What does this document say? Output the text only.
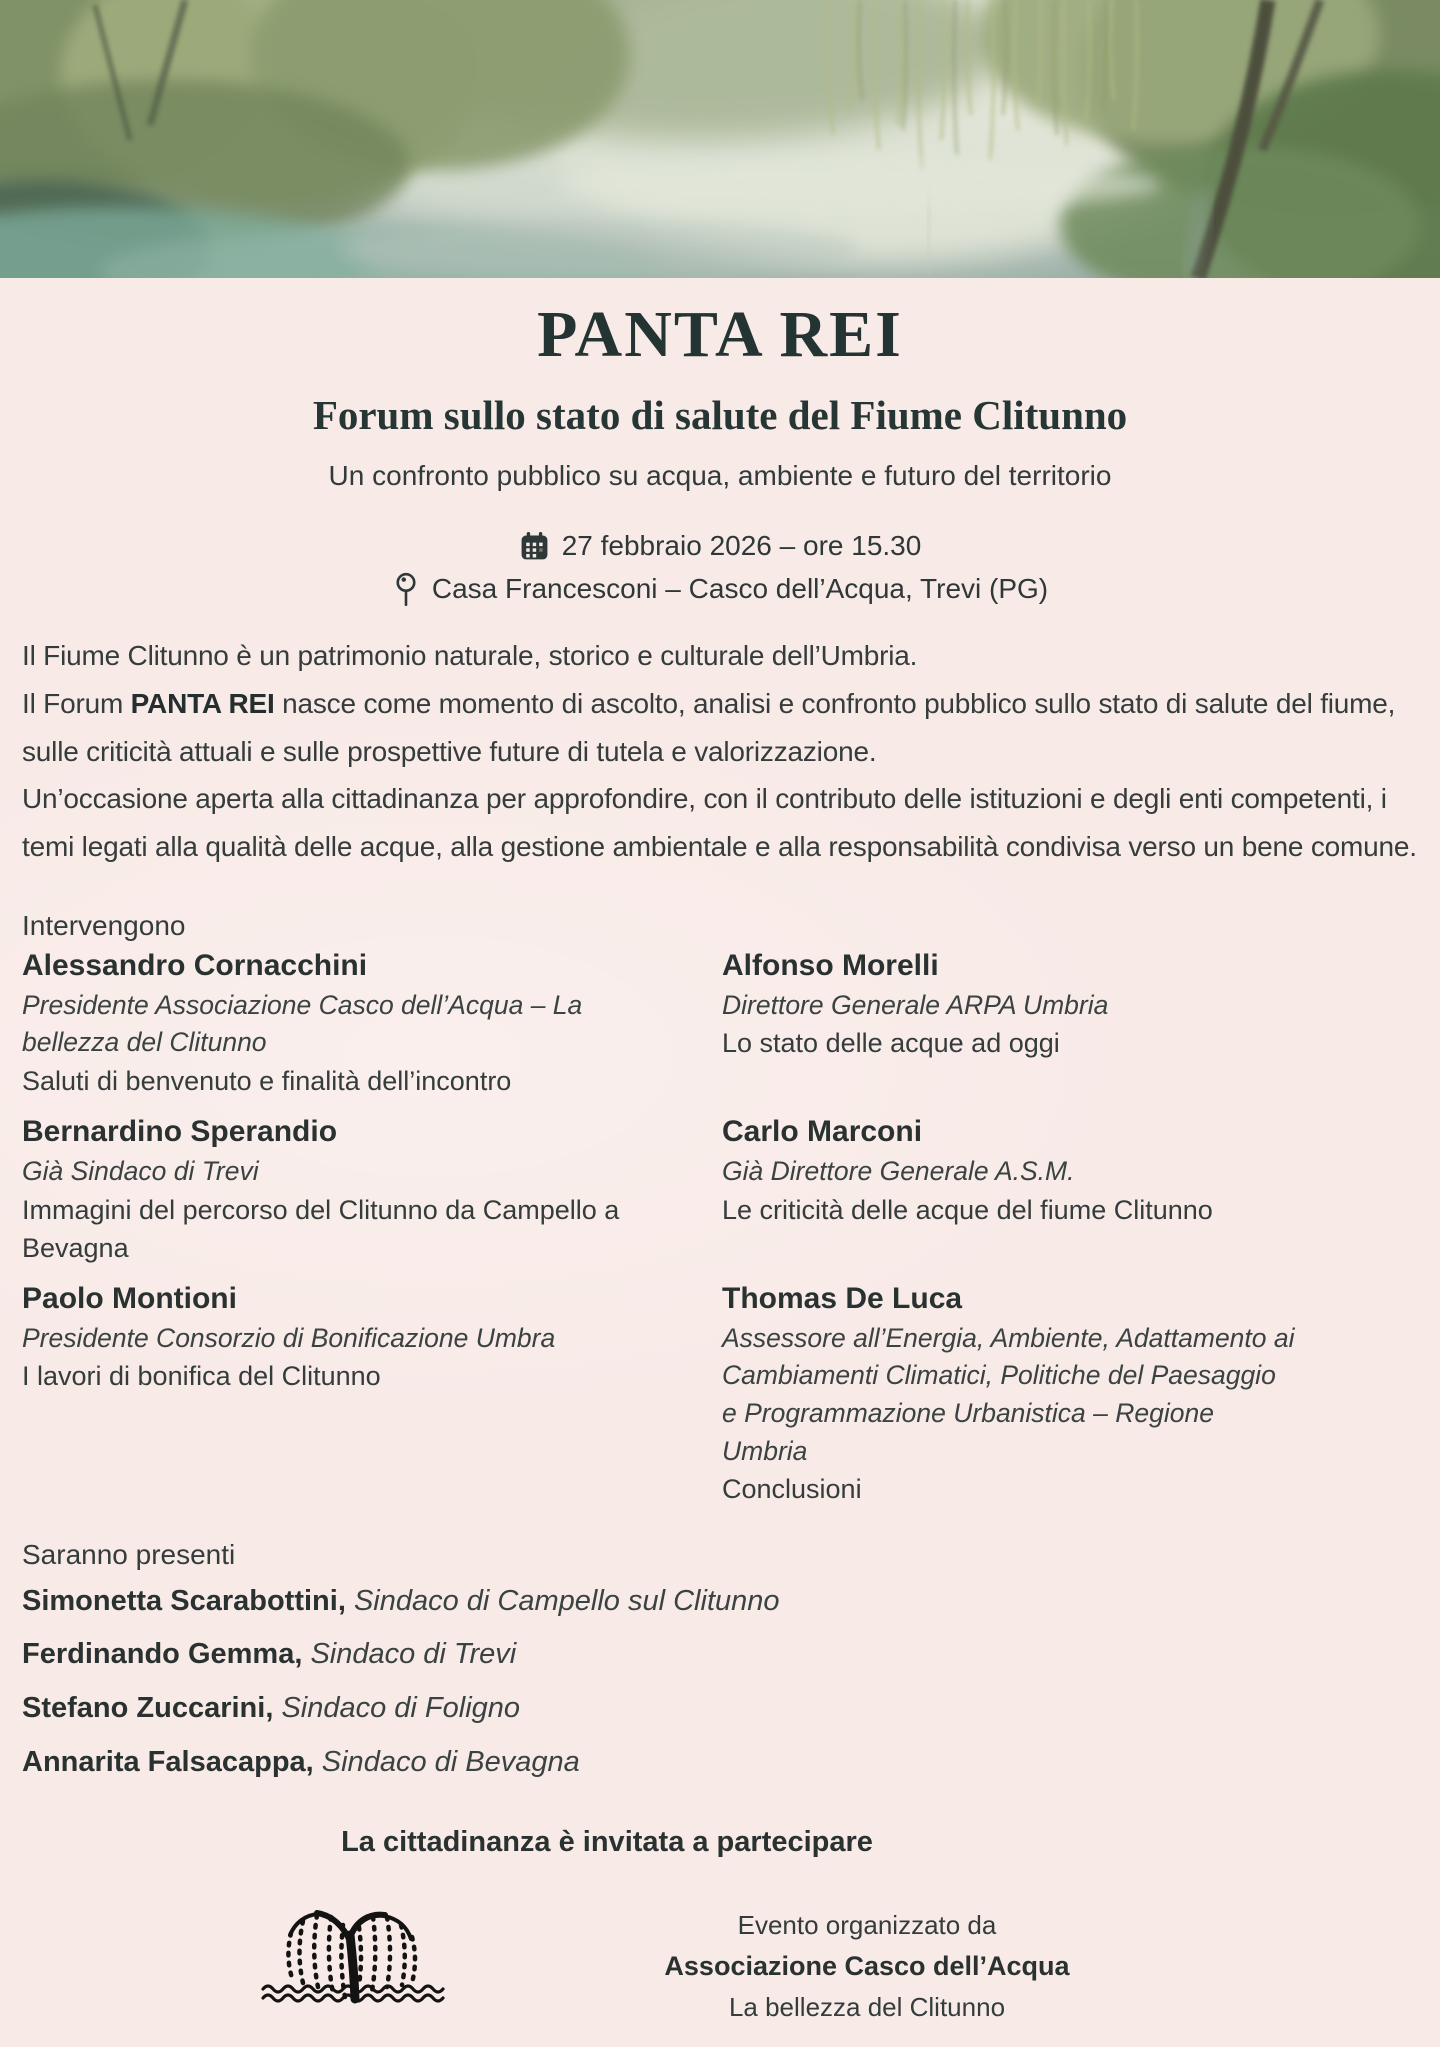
PANTA REI
Forum sullo stato di salute del Fiume Clitunno

Un confronto pubblico su acqua, ambiente e futuro del territorio

27 febbraio 2026 – ore 15.30
Casa Francesconi – Casco dell’Acqua, Trevi (PG)

Il Fiume Clitunno è un patrimonio naturale, storico e culturale dell’Umbria.

Il Forum PANTA REI nasce come momento di ascolto, analisi e confronto pubblico sullo stato di salute del fiume, sulle criticità attuali e sulle prospettive future di tutela e valorizzazione.

Un’occasione aperta alla cittadinanza per approfondire, con il contributo delle istituzioni e degli enti competenti, i temi legati alla qualità delle acque, alla gestione ambientale e alla responsabilità condivisa verso un bene comune.

Intervengono
Alessandro Cornacchini
Presidente Associazione Casco dell’Acqua – La bellezza del Clitunno
Saluti di benvenuto e finalità dell’incontro
Alfonso Morelli
Direttore Generale ARPA Umbria
Lo stato delle acque ad oggi
Bernardino Sperandio
Già Sindaco di Trevi
Immagini del percorso del Clitunno da Campello a Bevagna
Carlo Marconi
Già Direttore Generale A.S.M.
Le criticità delle acque del fiume Clitunno
Paolo Montioni
Presidente Consorzio di Bonificazione Umbra
I lavori di bonifica del Clitunno
Thomas De Luca
Assessore all’Energia, Ambiente, Adattamento ai Cambiamenti Climatici, Politiche del Paesaggio e Programmazione Urbanistica – Regione Umbria
Conclusioni
Saranno presenti
Simonetta Scarabottini, Sindaco di Campello sul Clitunno
Ferdinando Gemma, Sindaco di Trevi
Stefano Zuccarini, Sindaco di Foligno
Annarita Falsacappa, Sindaco di Bevagna
La cittadinanza è invitata a partecipare
Evento organizzato da
Associazione Casco dell’Acqua
La bellezza del Clitunno
